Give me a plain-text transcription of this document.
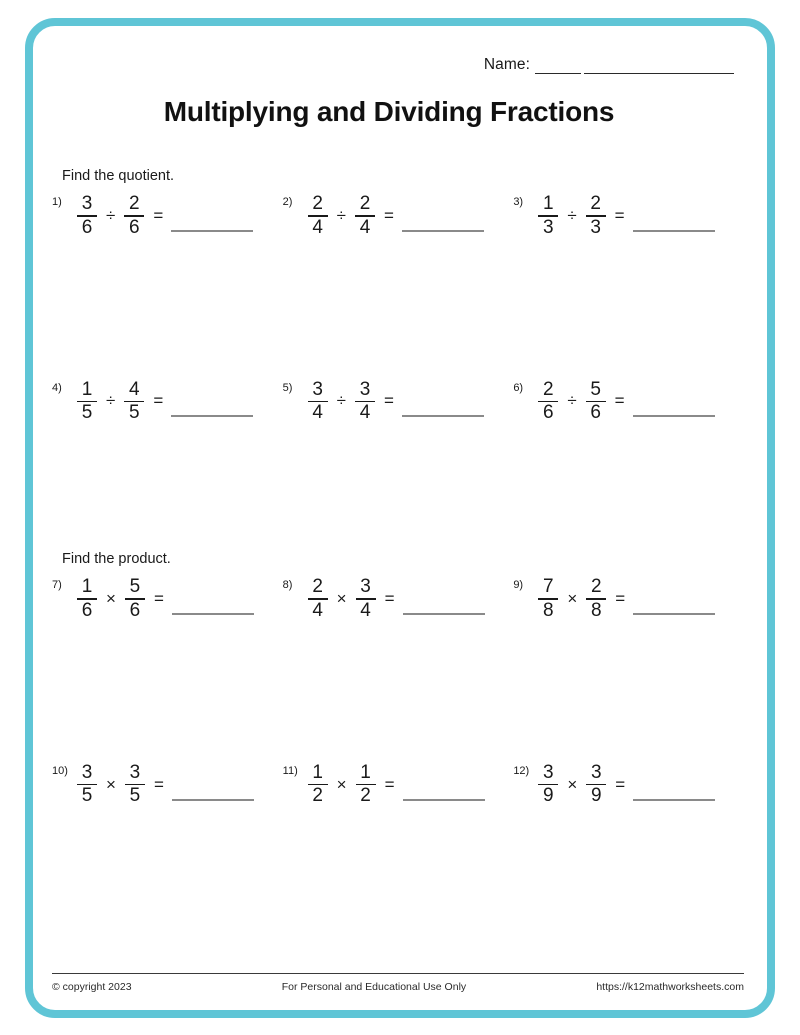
Name:
Multiplying and Dividing Fractions
Find the quotient.
$1) \frac{3}{6} \div \frac{2}{6}$ =
$2) \frac{2}{4} \div \frac{2}{4}$ =
$3) \frac{1}{3} \div \frac{2}{3}$ =
$4) \frac{1}{5} \div \frac{4}{5}$ =
$5) \frac{3}{4} \div \frac{3}{4}$ =
$6) \frac{2}{6} \div \frac{5}{6}$ =
Find the product.
$7) \frac{1}{6} \times \frac{5}{6}$ =
$8) \frac{2}{4} \times \frac{3}{4}$ =
$9) \frac{7}{8} \times \frac{2}{8}$ =
$10) \frac{3}{5} \times \frac{3}{5}$ =
$11) \frac{1}{2} \times \frac{1}{2}$ =
$12) \frac{3}{9} \times \frac{3}{9}$ =
© copyright 2023	For Personal and Educational Use Only	https://k12mathworksheets.com
